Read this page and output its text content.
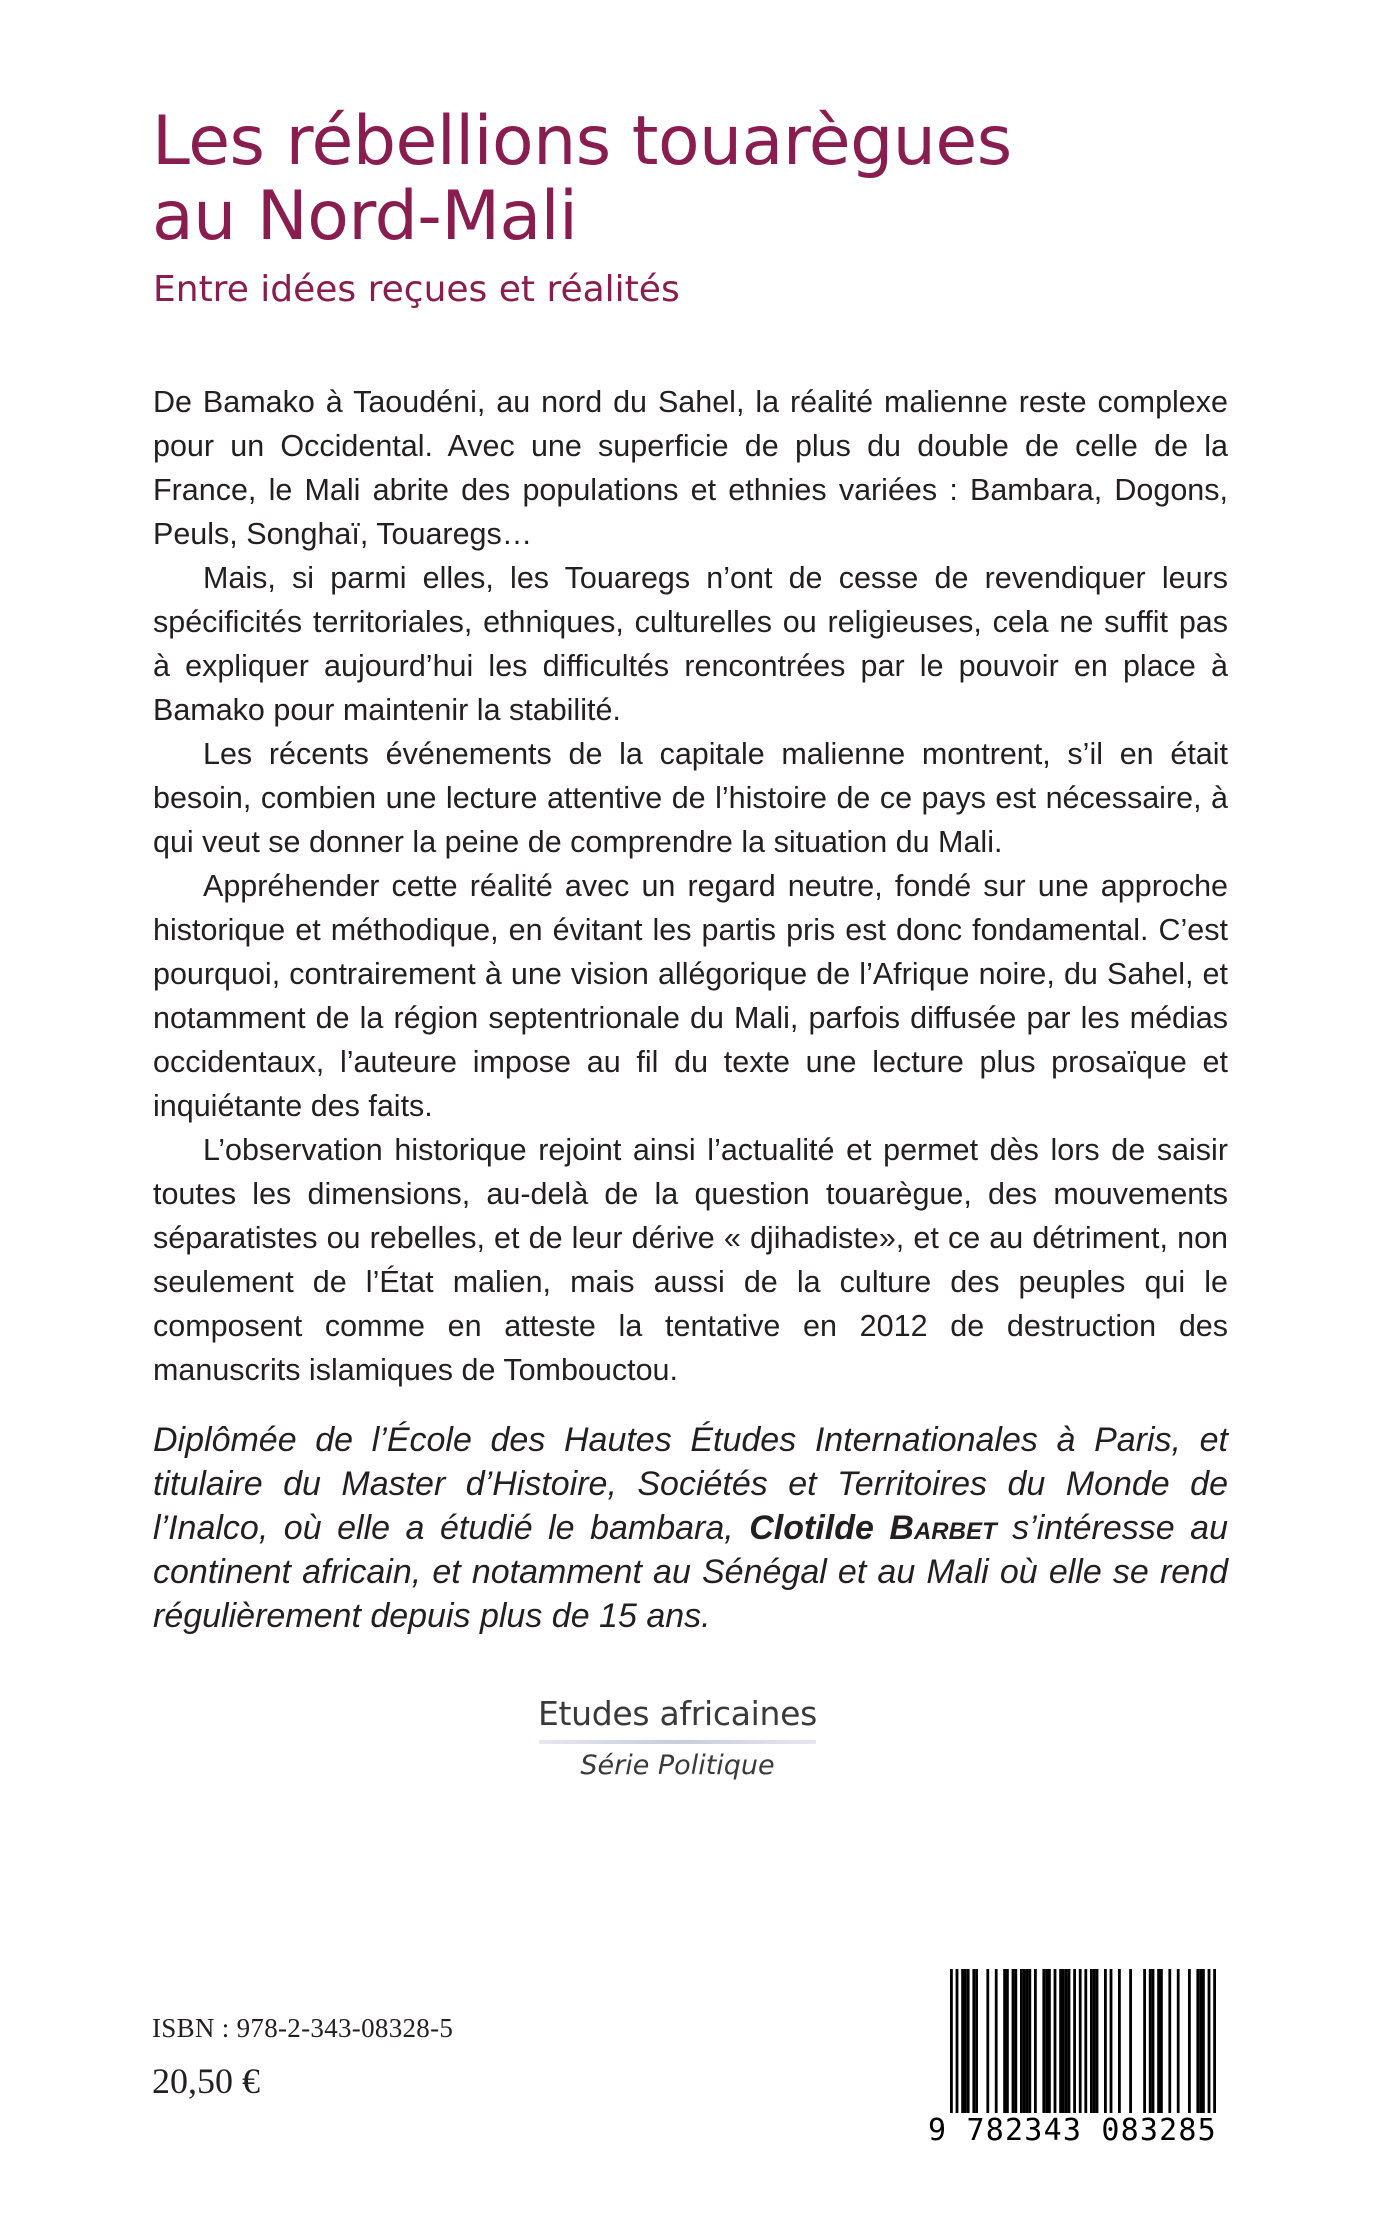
Les rébellions touarègues
au Nord-Mali
Entre idées reçues et réalités

De Bamako à Taoudéni, au nord du Sahel, la réalité malienne reste complexe pour un Occidental. Avec une superficie de plus du double de celle de la France, le Mali abrite des populations et ethnies variées : Bambara, Dogons, Peuls, Songhaï, Touaregs…

Mais, si parmi elles, les Touaregs n’ont de cesse de revendiquer leurs spécificités territoriales, ethniques, culturelles ou religieuses, cela ne suffit pas à expliquer aujourd’hui les difficultés rencontrées par le pouvoir en place à Bamako pour maintenir la stabilité.

Les récents événements de la capitale malienne montrent, s’il en était besoin, combien une lecture attentive de l’histoire de ce pays est nécessaire, à qui veut se donner la peine de comprendre la situation du Mali.

Appréhender cette réalité avec un regard neutre, fondé sur une approche historique et méthodique, en évitant les partis pris est donc fondamental. C’est pourquoi, contrairement à une vision allégorique de l’Afrique noire, du Sahel, et notamment de la région septentrionale du Mali, parfois diffusée par les médias occidentaux, l’auteure impose au fil du texte une lecture plus prosaïque et inquiétante des faits.

L’observation historique rejoint ainsi l’actualité et permet dès lors de saisir toutes les dimensions, au-delà de la question touarègue, des mouvements séparatistes ou rebelles, et de leur dérive « djihadiste», et ce au détriment, non seulement de l’État malien, mais aussi de la culture des peuples qui le composent comme en atteste la tentative en 2012 de destruction des manuscrits islamiques de Tombouctou.

Diplômée de l’École des Hautes Études Internationales à Paris, et titulaire du Master d’Histoire, Sociétés et Territoires du Monde de l’Inalco, où elle a étudié le bambara, Clotilde Barbet s’intéresse au continent africain, et notamment au Sénégal et au Mali où elle se rend régulièrement depuis plus de 15 ans.

Etudes africaines
Série Politique
ISBN : 978-2-343-08328-5
20,50 €
9 782343 083285
